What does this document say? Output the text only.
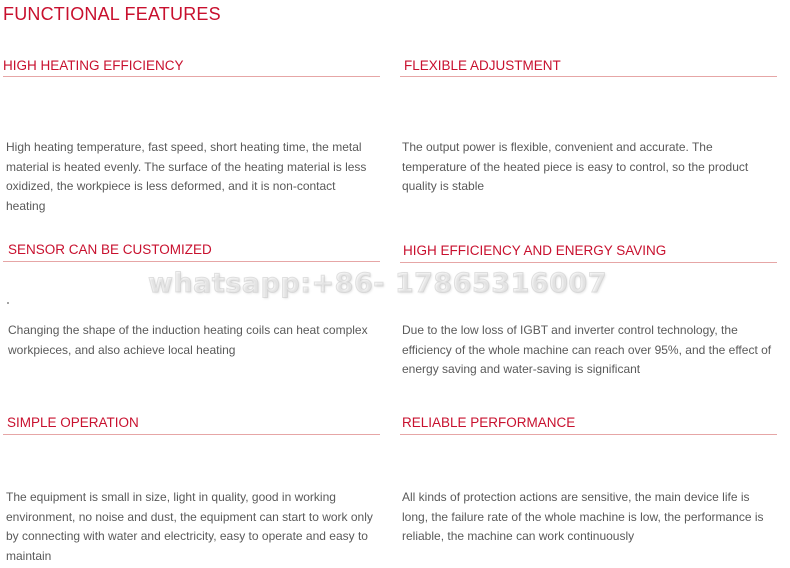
FUNCTIONAL FEATURES
HIGH HEATING EFFICIENCY
High heating temperature, fast speed, short heating time, the metal material is heated evenly. The surface of the heating material is less oxidized, the workpiece is less deformed, and it is non-contact heating
FLEXIBLE ADJUSTMENT
The output power is flexible, convenient and accurate. The temperature of the heated piece is easy to control, so the product quality is stable
SENSOR CAN BE CUSTOMIZED
Changing the shape of the induction heating coils can heat complex workpieces, and also achieve local heating
HIGH EFFICIENCY AND ENERGY SAVING
Due to the low loss of IGBT and inverter control technology, the efficiency of the whole machine can reach over 95%, and the effect of energy saving and water-saving is significant
SIMPLE OPERATION
The equipment is small in size, light in quality, good in working environment, no noise and dust, the equipment can start to work only by connecting with water and electricity, easy to operate and easy to maintain
RELIABLE PERFORMANCE
All kinds of protection actions are sensitive, the main device life is long, the failure rate of the whole machine is low, the performance is reliable, the machine can work continuously
whatsapp:+86- 17865316007
